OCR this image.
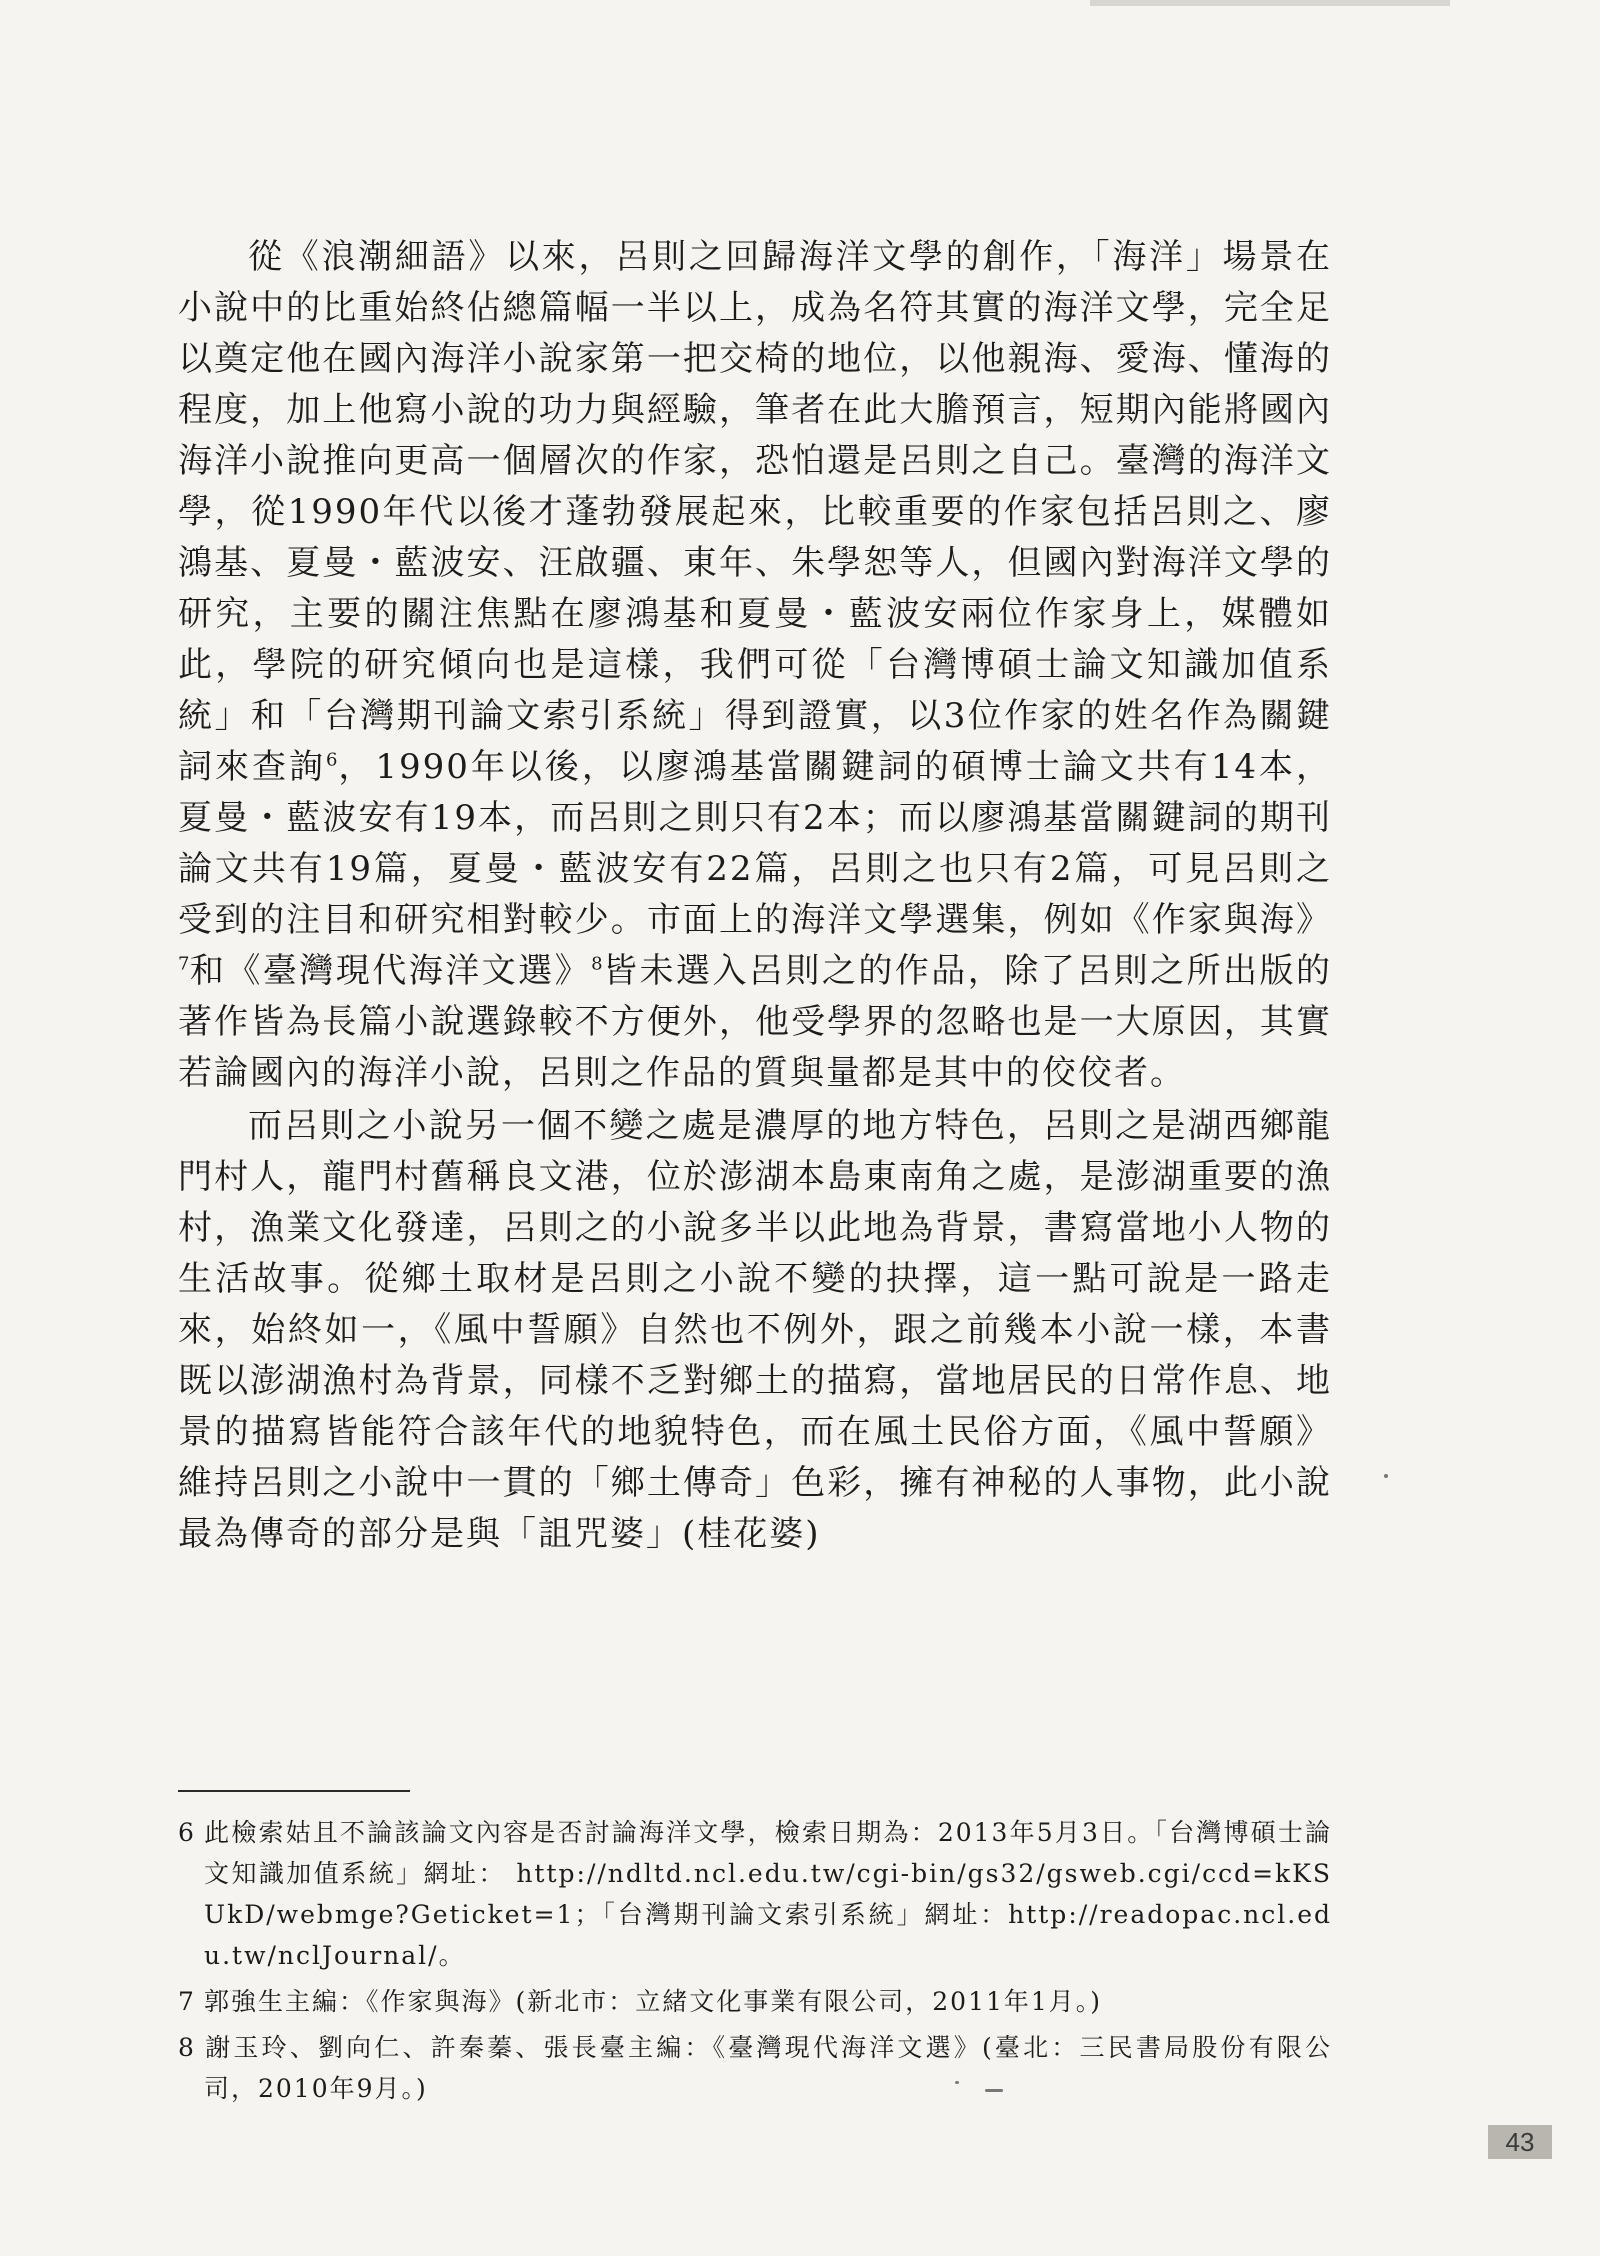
從《浪潮細語》以來，呂則之回歸海洋文學的創作，「海洋」場景在小說中的比重始終佔總篇幅一半以上，成為名符其實的海洋文學，完全足以奠定他在國內海洋小說家第一把交椅的地位，以他親海、愛海、懂海的程度，加上他寫小說的功力與經驗，筆者在此大膽預言，短期內能將國內海洋小說推向更高一個層次的作家，恐怕還是呂則之自己。臺灣的海洋文學，從1990年代以後才蓬勃發展起來，比較重要的作家包括呂則之、廖鴻基、夏曼・藍波安、汪啟疆、東年、朱學恕等人，但國內對海洋文學的研究，主要的關注焦點在廖鴻基和夏曼・藍波安兩位作家身上，媒體如此，學院的研究傾向也是這樣，我們可從「台灣博碩士論文知識加值系統」和「台灣期刊論文索引系統」得到證實，以3位作家的姓名作為關鍵詞來查詢$^6$，1990年以後，以廖鴻基當關鍵詞的碩博士論文共有14本，夏曼・藍波安有19本，而呂則之則只有2本；而以廖鴻基當關鍵詞的期刊論文共有19篇，夏曼・藍波安有22篇，呂則之也只有2篇，可見呂則之受到的注目和研究相對較少。市面上的海洋文學選集，例如《作家與海》$^7$和《臺灣現代海洋文選》$^8$皆未選入呂則之的作品，除了呂則之所出版的著作皆為長篇小說選錄較不方便外，他受學界的忽略也是一大原因，其實若論國內的海洋小說，呂則之作品的質與量都是其中的佼佼者。

而呂則之小說另一個不變之處是濃厚的地方特色，呂則之是湖西鄉龍門村人，龍門村舊稱良文港，位於澎湖本島東南角之處，是澎湖重要的漁村，漁業文化發達，呂則之的小說多半以此地為背景，書寫當地小人物的生活故事。從鄉土取材是呂則之小說不變的抉擇，這一點可說是一路走來，始終如一，《風中誓願》自然也不例外，跟之前幾本小說一樣，本書既以澎湖漁村為背景，同樣不乏對鄉土的描寫，當地居民的日常作息、地景的描寫皆能符合該年代的地貌特色，而在風土民俗方面，《風中誓願》維持呂則之小說中一貫的「鄉土傳奇」色彩，擁有神秘的人事物，此小說最為傳奇的部分是與「詛咒婆」(桂花婆)

6 此檢索姑且不論該論文內容是否討論海洋文學，檢索日期為：2013年5月3日。「台灣博碩士論文知識加值系統」網址： http://ndltd.ncl.edu.tw/cgi-bin/gs32/gsweb.cgi/ccd=kKSUkD/webmge?Geticket=1；「台灣期刊論文索引系統」網址：http://readopac.ncl.edu.tw/nclJournal/。

7 郭強生主編：《作家與海》(新北市：立緒文化事業有限公司，2011年1月。)

8 謝玉玲、劉向仁、許秦蓁、張長臺主編：《臺灣現代海洋文選》(臺北：三民書局股份有限公司，2010年9月。)

43
